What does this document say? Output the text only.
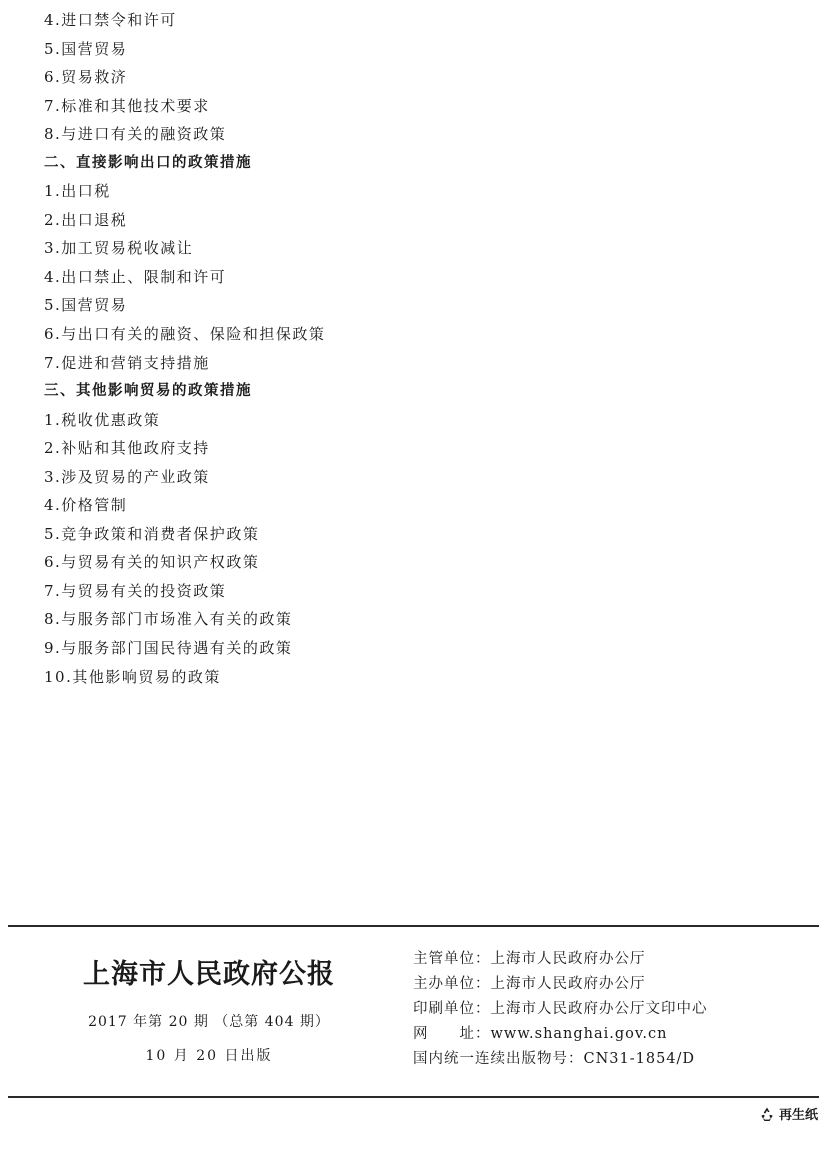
4.进口禁令和许可
5.国营贸易
6.贸易救济
7.标准和其他技术要求
8.与进口有关的融资政策
二、直接影响出口的政策措施
1.出口税
2.出口退税
3.加工贸易税收减让
4.出口禁止、限制和许可
5.国营贸易
6.与出口有关的融资、保险和担保政策
7.促进和营销支持措施
三、其他影响贸易的政策措施
1.税收优惠政策
2.补贴和其他政府支持
3.涉及贸易的产业政策
4.价格管制
5.竞争政策和消费者保护政策
6.与贸易有关的知识产权政策
7.与贸易有关的投资政策
8.与服务部门市场准入有关的政策
9.与服务部门国民待遇有关的政策
10.其他影响贸易的政策
上海市人民政府公报
2017 年第 20 期 （总第 404 期）
10 月 20 日出版
主管单位：上海市人民政府办公厅
主办单位：上海市人民政府办公厅
印刷单位：上海市人民政府办公厅文印中心
网　　址：www.shanghai.gov.cn
国内统一连续出版物号：CN31-1854/D
再生纸
